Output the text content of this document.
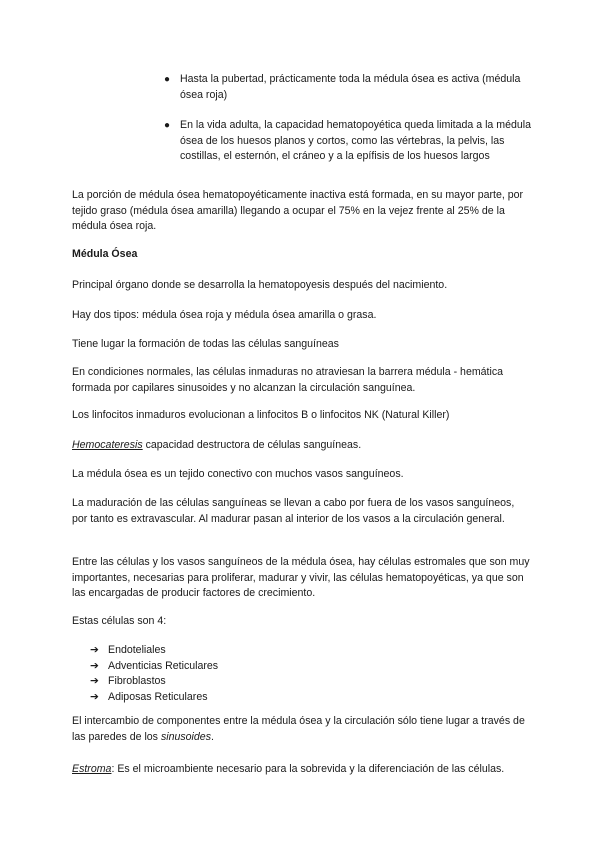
● Hasta la pubertad, prácticamente toda la médula ósea es activa (médula ósea roja)
● En la vida adulta, la capacidad hematopoyética queda limitada a la médula ósea de los huesos planos y cortos, como las vértebras, la pelvis, las costillas, el esternón, el cráneo y a la epífisis de los huesos largos

La porción de médula ósea hematopoyéticamente inactiva está formada, en su mayor parte, por tejido graso (médula ósea amarilla) llegando a ocupar el 75% en la vejez frente al 25% de la médula ósea roja.

Médula Ósea

Principal órgano donde se desarrolla la hematopoyesis después del nacimiento.

Hay dos tipos: médula ósea roja y médula ósea amarilla o grasa.

Tiene lugar la formación de todas las células sanguíneas

En condiciones normales, las células inmaduras no atraviesan la barrera médula - hemática formada por capilares sinusoides y no alcanzan la circulación sanguínea.

Los linfocitos inmaduros evolucionan a linfocitos B o linfocitos NK (Natural Killer)

Hemocateresis capacidad destructora de células sanguíneas.

La médula ósea es un tejido conectivo con muchos vasos sanguíneos.

La maduración de las células sanguíneas se llevan a cabo por fuera de los vasos sanguíneos, por tanto es extravascular. Al madurar pasan al interior de los vasos a la circulación general.

Entre las células y los vasos sanguíneos de la médula ósea, hay células estromales que son muy importantes, necesarias para proliferar, madurar y vivir, las células hematopoyéticas, ya que son las encargadas de producir factores de crecimiento.

Estas células son 4:

➔ Endoteliales
➔ Adventicias Reticulares
➔ Fibroblastos
➔ Adiposas Reticulares

El intercambio de componentes entre la médula ósea y la circulación sólo tiene lugar a través de las paredes de los sinusoides.

Estroma: Es el microambiente necesario para la sobrevida y la diferenciación de las células.
